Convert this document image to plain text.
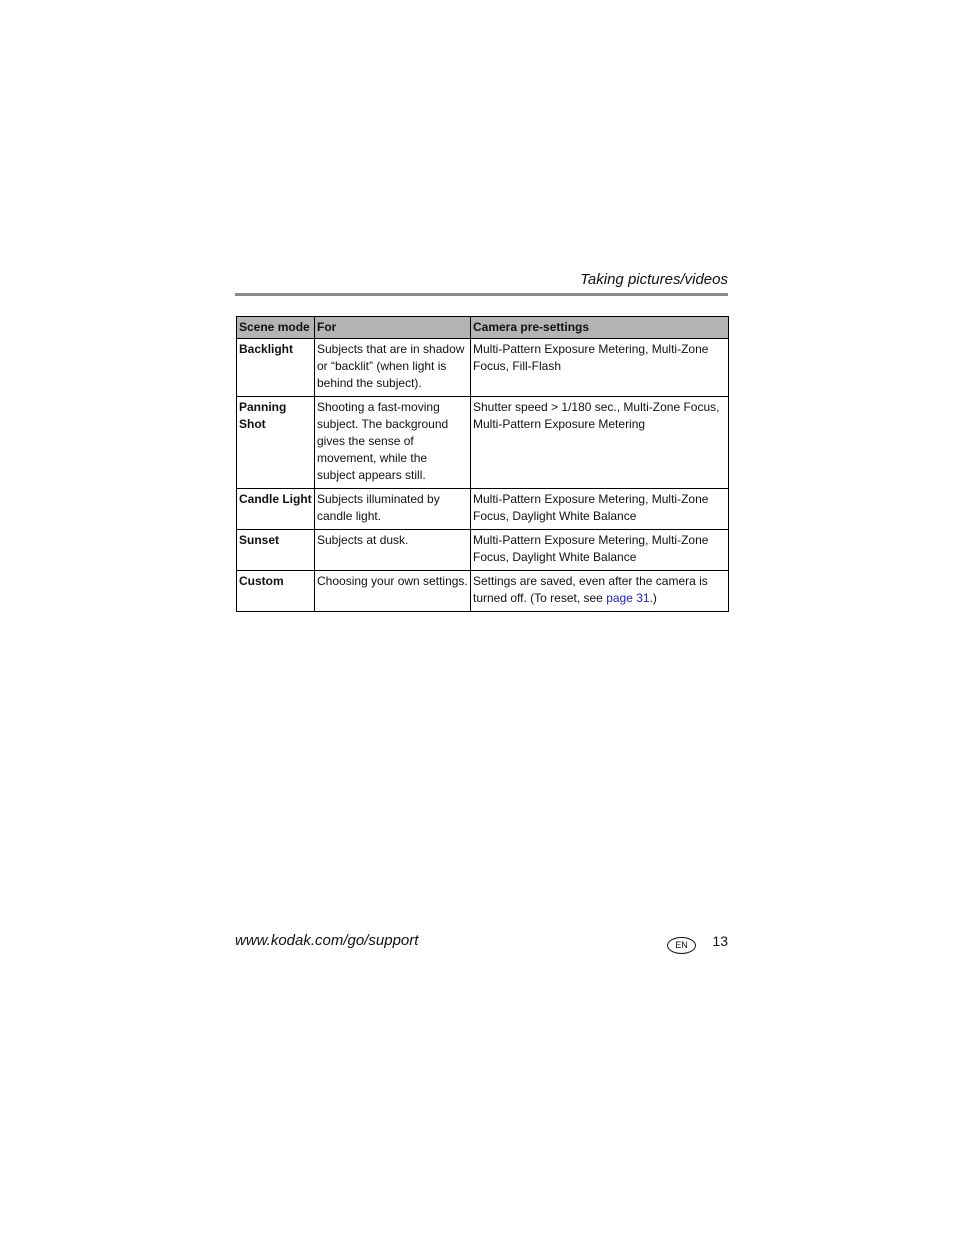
Taking pictures/videos
Scene mode	For	Camera pre-settings
Backlight	Subjects that are in shadow or “backlit” (when light is behind the subject).	Multi-Pattern Exposure Metering, Multi-Zone Focus, Fill-Flash
Panning Shot	Shooting a fast-moving subject. The background gives the sense of movement, while the subject appears still.	Shutter speed > 1/180 sec., Multi-Zone Focus, Multi-Pattern Exposure Metering
Candle Light	Subjects illuminated by candle light.	Multi-Pattern Exposure Metering, Multi-Zone Focus, Daylight White Balance
Sunset	Subjects at dusk.	Multi-Pattern Exposure Metering, Multi-Zone Focus, Daylight White Balance
Custom	Choosing your own settings.	Settings are saved, even after the camera is turned off. (To reset, see page 31.)
www.kodak.com/go/support	EN	13
